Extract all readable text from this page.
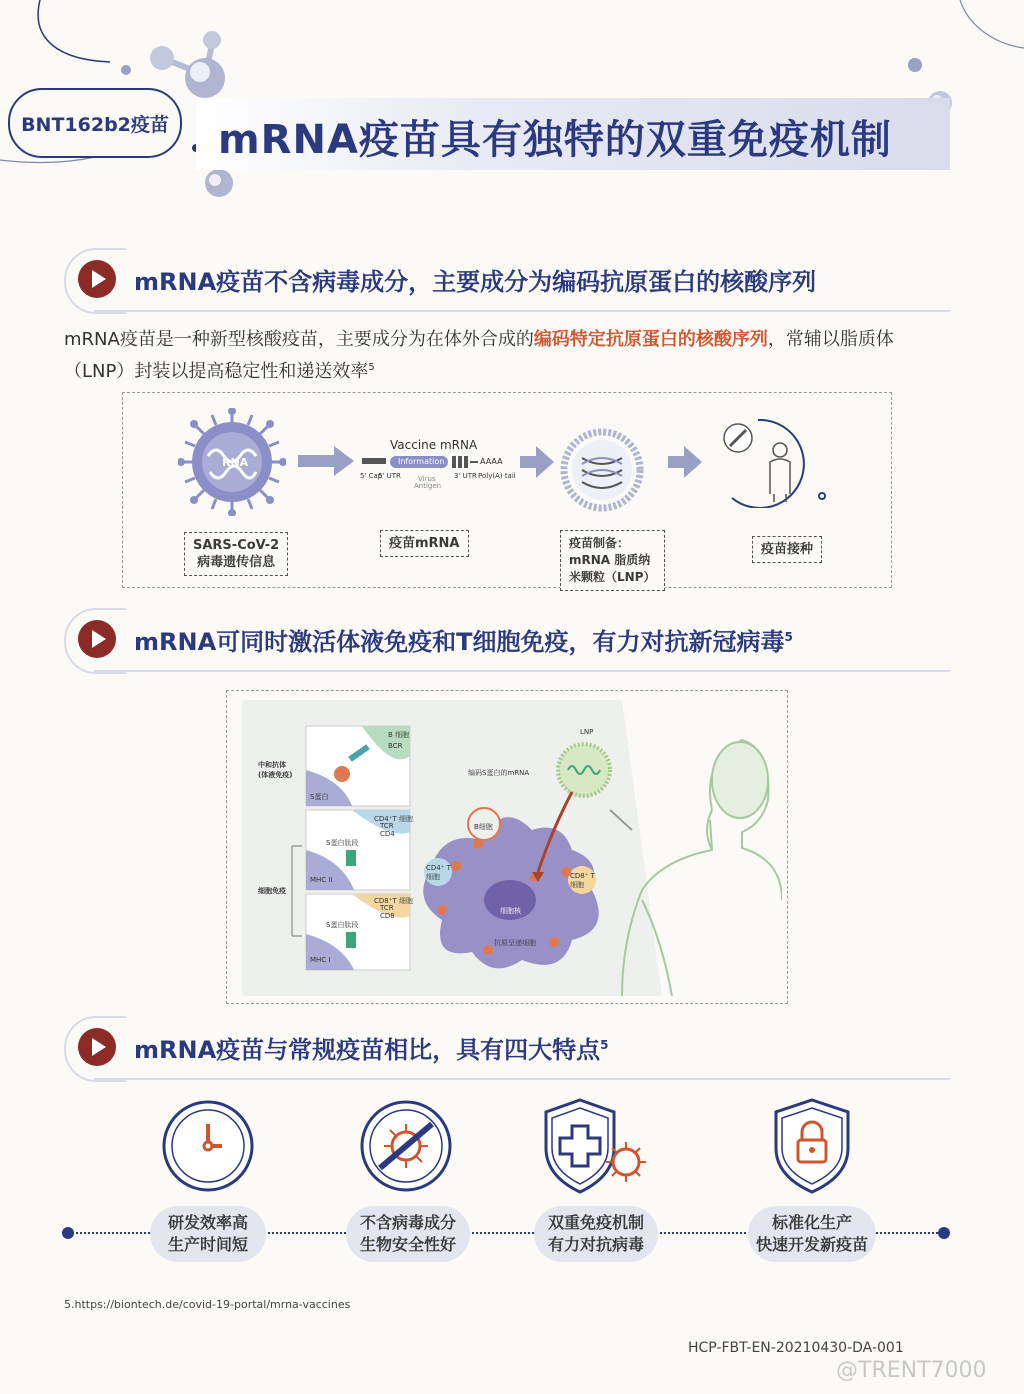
BNT162b2疫苗 mRNA疫苗具有独特的双重免疫机制
mRNA疫苗不含病毒成分，主要成分为编码抗原蛋白的核酸序列
mRNA疫苗是一种新型核酸疫苗，主要成分为在体外合成的编码特定抗原蛋白的核酸序列，常辅以脂质体（LNP）封装以提高稳定性和递送效率$^5$
RNA
Vaccine mRNA
Information	AAAA
5' Cap
5' UTR Virus
Antigen
3' UTR Poly(A) tail
SARS-CoV-2
病毒遗传信息
疫苗mRNA	疫苗制备：
mRNA 脂质纳
米颗粒（LNP）
疫苗接种
mRNA可同时激活体液免疫和T细胞免疫，有力对抗新冠病毒$^5$
中和抗体
(体液免疫)
细胞免疫
B 细胞
BCR
S蛋白
CD4⁺T 细胞
TCR
CD4
S蛋白肽段
MHC II
CD8⁺T 细胞
TCR
CD8
S蛋白肽段
MHC I
LNP
编码S蛋白的mRNA
B细胞
CD4⁺ T细胞	CD8⁺ T细胞
细胞核
抗原呈递细胞
mRNA疫苗与常规疫苗相比，具有四大特点$^5$
研发效率高
生产时间短
不含病毒成分
生物安全性好
双重免疫机制
有力对抗病毒
标准化生产
快速开发新疫苗
5.https://biontech.de/covid-19-portal/mrna-vaccines
HCP-FBT-EN-20210430-DA-001
@TRENT7000
